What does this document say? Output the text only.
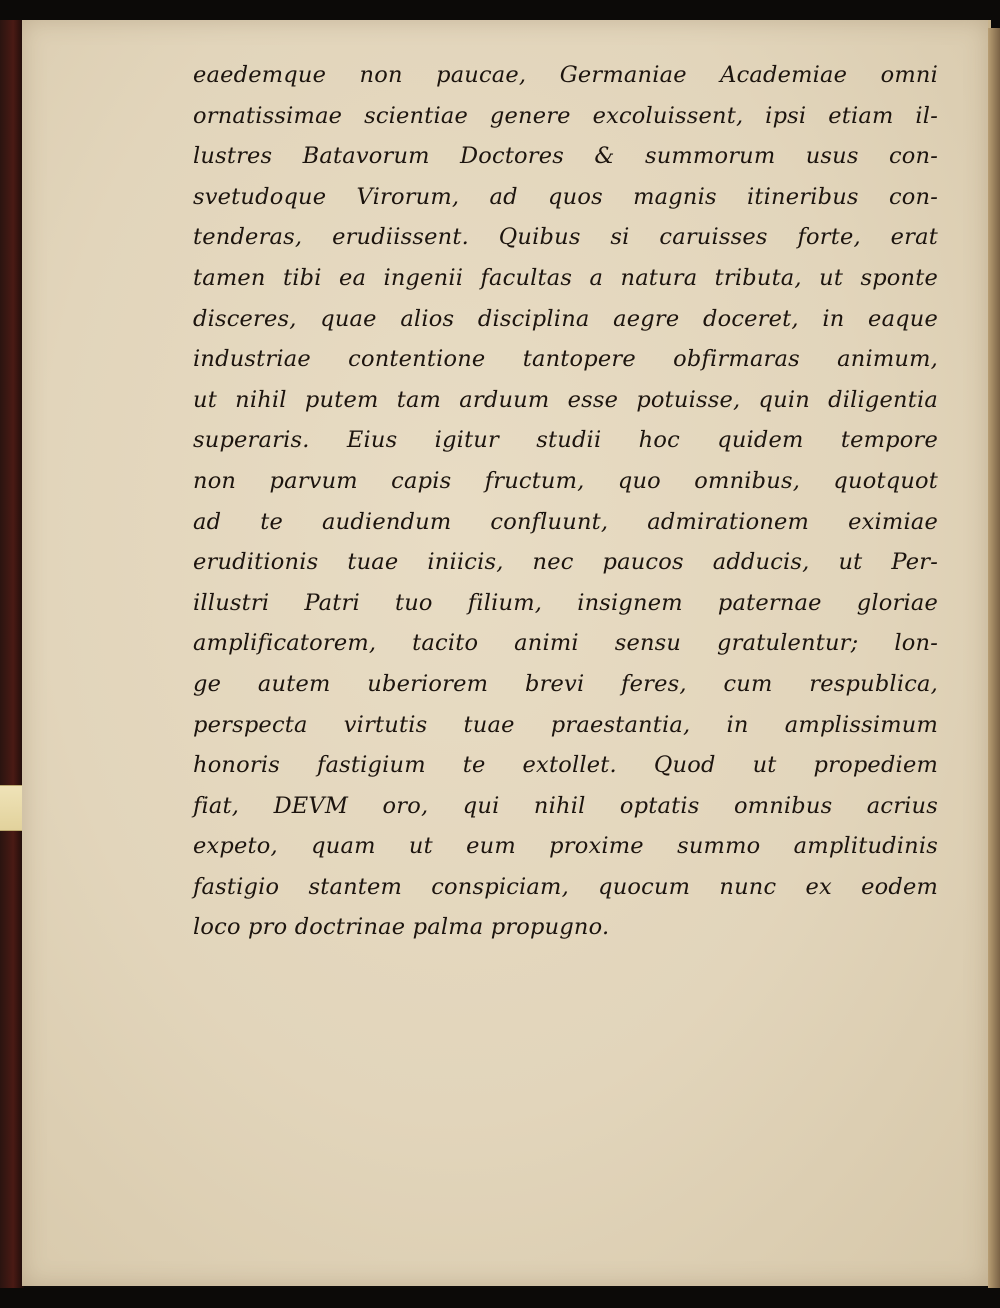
eaedemque non paucae, Germaniae Academiae omni
ornatissimae scientiae genere excoluissent, ipsi etiam il-
lustres Batavorum Doctores & summorum usus con-
svetudoque Virorum, ad quos magnis itineribus con-
tenderas, erudiissent. Quibus si caruisses forte, erat
tamen tibi ea ingenii facultas a natura tributa, ut sponte
disceres, quae alios disciplina aegre doceret, in eaque
industriae contentione tantopere obfirmaras animum,
ut nihil putem tam arduum esse potuisse, quin diligentia
superaris. Eius igitur studii hoc quidem tempore
non parvum capis fructum, quo omnibus, quotquot
ad te audiendum confluunt, admirationem eximiae
eruditionis tuae iniicis, nec paucos adducis, ut Per-
illustri Patri tuo filium, insignem paternae gloriae
amplificatorem, tacito animi sensu gratulentur; lon-
ge autem uberiorem brevi feres, cum respublica,
perspecta virtutis tuae praestantia, in amplissimum
honoris fastigium te extollet. Quod ut propediem
fiat, DEVM oro, qui nihil optatis omnibus acrius
expeto, quam ut eum proxime summo amplitudinis
fastigio stantem conspiciam, quocum nunc ex eodem
loco pro doctrinae palma propugno.
